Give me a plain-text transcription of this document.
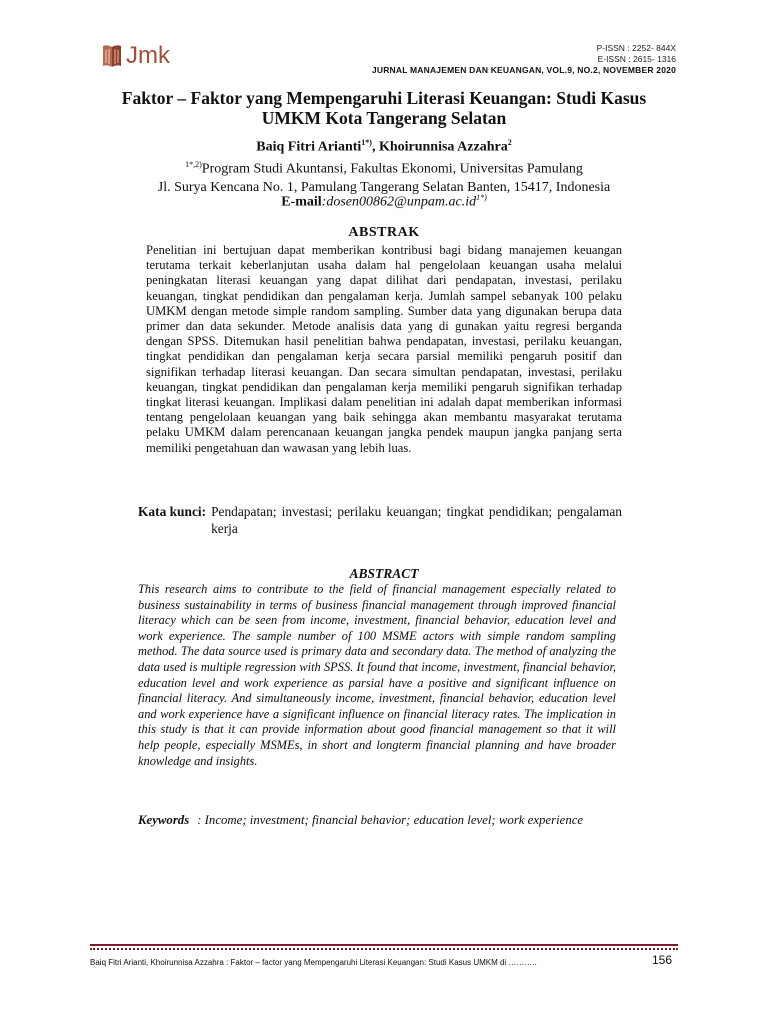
Jmk	P-ISSN : 2252- 844X
E-ISSN : 2615- 1316
JURNAL MANAJEMEN DAN KEUANGAN, VOL.9, NO.2, NOVEMBER 2020
Faktor – Faktor yang Mempengaruhi Literasi Keuangan: Studi Kasus
UMKM Kota Tangerang Selatan
Baiq Fitri Arianti$^{1*)}$, Khoirunnisa Azzahra$^2$
$^{1*,2)}$Program Studi Akuntansi, Fakultas Ekonomi, Universitas Pamulang
Jl. Surya Kencana No. 1, Pamulang Tangerang Selatan Banten, 15417, Indonesia
$E-mail:dosen00862@unpam.ac.id^{1*)}$
ABSTRAK
Penelitian ini bertujuan dapat memberikan kontribusi bagi bidang manajemen keuangan terutama terkait keberlanjutan usaha dalam hal pengelolaan keuangan usaha melalui peningkatan literasi keuangan yang dapat dilihat dari pendapatan, investasi, perilaku keuangan, tingkat pendidikan dan pengalaman kerja. Jumlah sampel sebanyak 100 pelaku UMKM dengan metode simple random sampling. Sumber data yang digunakan berupa data primer dan data sekunder. Metode analisis data yang di gunakan yaitu regresi berganda dengan SPSS. Ditemukan hasil penelitian bahwa pendapatan, investasi, perilaku keuangan, tingkat pendidikan dan pengalaman kerja secara parsial memiliki pengaruh positif dan signifikan terhadap literasi keuangan. Dan secara simultan pendapatan, investasi, perilaku keuangan, tingkat pendidikan dan pengalaman kerja memiliki pengaruh signifikan terhadap tingkat literasi keuangan. Implikasi dalam penelitian ini adalah dapat memberikan informasi tentang pengelolaan keuangan yang baik sehingga akan membantu masyarakat terutama pelaku UMKM dalam perencanaan keuangan jangka pendek maupun jangka panjang serta memiliki pengetahuan dan wawasan yang lebih luas.
Kata kunci: Pendapatan; investasi; perilaku keuangan; tingkat pendidikan; pengalaman kerja
ABSTRACT
This research aims to contribute to the field of financial management especially related to business sustainability in terms of business financial management through improved financial literacy which can be seen from income, investment, financial behavior, education level and work experience. The sample number of 100 MSME actors with simple random sampling method. The data source used is primary data and secondary data. The method of analyzing the data used is multiple regression with SPSS. It found that income, investment, financial behavior, education level and work experience as parsial have a positive and significant influence on financial literacy. And simultaneously income, investment, financial behavior, education level and work experience have a significant influence on financial literacy rates. The implication in this study is that it can provide information about good financial management so that it will help people, especially MSMEs, in short and longterm financial planning and have broader knowledge and insights.
Keywords : Income; investment; financial behavior; education level; work experience
Baiq Fitri Arianti, Khoirunnisa Azzahra : Faktor – factor yang Mempengaruhi Literasi Keuangan: Studi Kasus UMKM di ………..	156
